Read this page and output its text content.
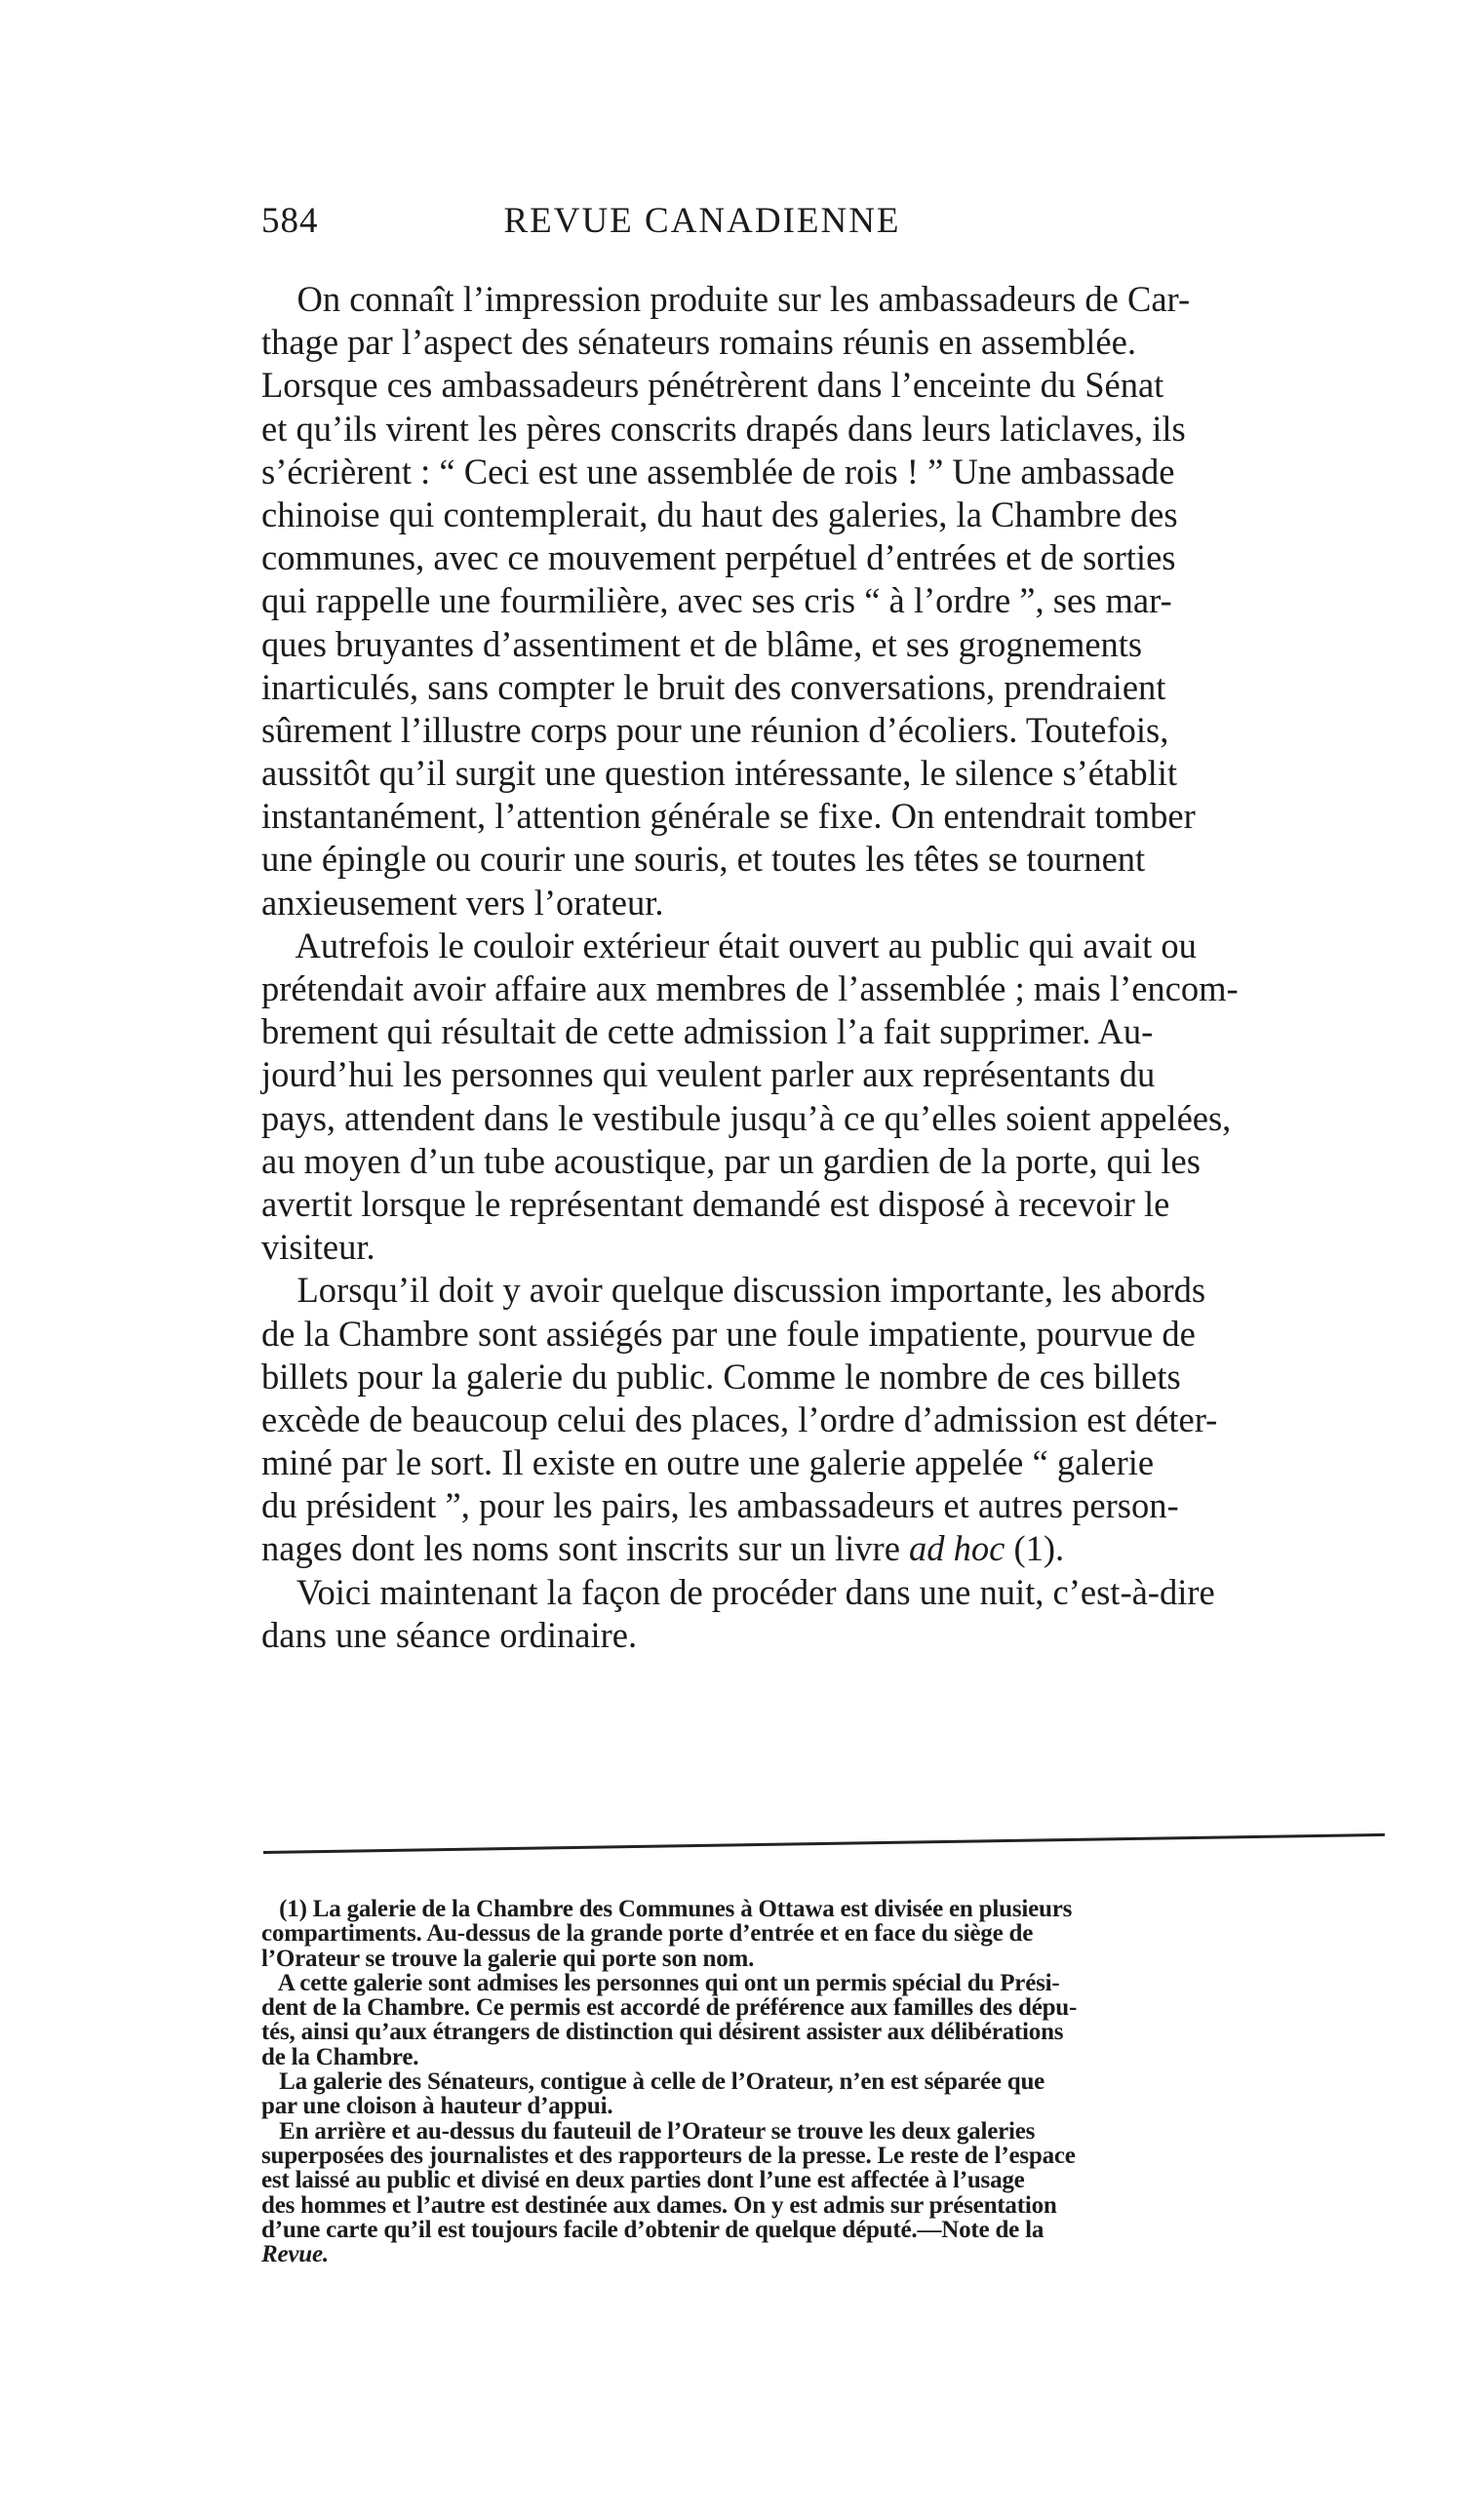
584	REVUE CANADIENNE
On connaît l’impression produite sur les ambassadeurs de Car-
thage par l’aspect des sénateurs romains réunis en assemblée.
Lorsque ces ambassadeurs pénétrèrent dans l’enceinte du Sénat
et qu’ils virent les pères conscrits drapés dans leurs laticlaves, ils
s’écrièrent : “ Ceci est une assemblée de rois ! ” Une ambassade
chinoise qui contemplerait, du haut des galeries, la Chambre des
communes, avec ce mouvement perpétuel d’entrées et de sorties
qui rappelle une fourmilière, avec ses cris “ à l’ordre ”, ses mar-
ques bruyantes d’assentiment et de blâme, et ses grognements
inarticulés, sans compter le bruit des conversations, prendraient
sûrement l’illustre corps pour une réunion d’écoliers. Toutefois,
aussitôt qu’il surgit une question intéressante, le silence s’établit
instantanément, l’attention générale se fixe. On entendrait tomber
une épingle ou courir une souris, et toutes les têtes se tournent
anxieusement vers l’orateur.
Autrefois le couloir extérieur était ouvert au public qui avait ou
prétendait avoir affaire aux membres de l’assemblée ; mais l’encom-
brement qui résultait de cette admission l’a fait supprimer. Au-
jourd’hui les personnes qui veulent parler aux représentants du
pays, attendent dans le vestibule jusqu’à ce qu’elles soient appelées,
au moyen d’un tube acoustique, par un gardien de la porte, qui les
avertit lorsque le représentant demandé est disposé à recevoir le
visiteur.
Lorsqu’il doit y avoir quelque discussion importante, les abords
de la Chambre sont assiégés par une foule impatiente, pourvue de
billets pour la galerie du public. Comme le nombre de ces billets
excède de beaucoup celui des places, l’ordre d’admission est déter-
miné par le sort. Il existe en outre une galerie appelée “ galerie
du président ”, pour les pairs, les ambassadeurs et autres person-
nages dont les noms sont inscrits sur un livre ad hoc (1).
Voici maintenant la façon de procéder dans une nuit, c’est-à-dire
dans une séance ordinaire.
(1) La galerie de la Chambre des Communes à Ottawa est divisée en plusieurs
compartiments. Au-dessus de la grande porte d’entrée et en face du siège de
l’Orateur se trouve la galerie qui porte son nom.
A cette galerie sont admises les personnes qui ont un permis spécial du Prési-
dent de la Chambre. Ce permis est accordé de préférence aux familles des dépu-
tés, ainsi qu’aux étrangers de distinction qui désirent assister aux délibérations
de la Chambre.
La galerie des Sénateurs, contigue à celle de l’Orateur, n’en est séparée que
par une cloison à hauteur d’appui.
En arrière et au-dessus du fauteuil de l’Orateur se trouve les deux galeries
superposées des journalistes et des rapporteurs de la presse. Le reste de l’espace
est laissé au public et divisé en deux parties dont l’une est affectée à l’usage
des hommes et l’autre est destinée aux dames. On y est admis sur présentation
d’une carte qu’il est toujours facile d’obtenir de quelque député.—Note de la
Revue.
